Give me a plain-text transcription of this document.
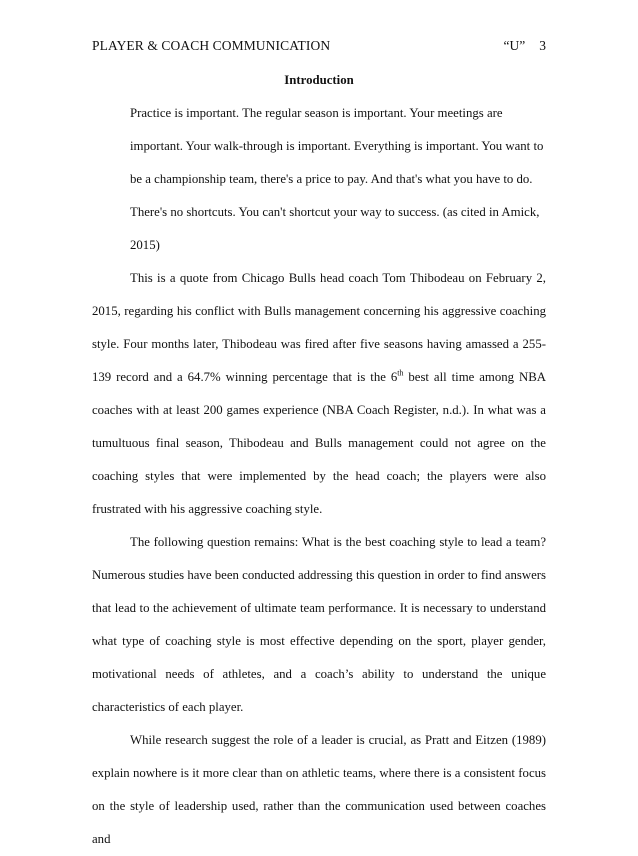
PLAYER & COACH COMMUNICATION	“U” 3

Introduction

Practice is important. The regular season is important. Your meetings are important. Your walk-through is important. Everything is important. You want to be a championship team, there's a price to pay. And that's what you have to do. There's no shortcuts. You can't shortcut your way to success. (as cited in Amick, 2015)

This is a quote from Chicago Bulls head coach Tom Thibodeau on February 2, 2015, regarding his conflict with Bulls management concerning his aggressive coaching style. Four months later, Thibodeau was fired after five seasons having amassed a 255-139 record and a 64.7% winning percentage that is the 6th best all time among NBA coaches with at least 200 games experience (NBA Coach Register, n.d.). In what was a tumultuous final season, Thibodeau and Bulls management could not agree on the coaching styles that were implemented by the head coach; the players were also frustrated with his aggressive coaching style.

The following question remains: What is the best coaching style to lead a team? Numerous studies have been conducted addressing this question in order to find answers that lead to the achievement of ultimate team performance. It is necessary to understand what type of coaching style is most effective depending on the sport, player gender, motivational needs of athletes, and a coach’s ability to understand the unique characteristics of each player.

While research suggest the role of a leader is crucial, as Pratt and Eitzen (1989) explain nowhere is it more clear than on athletic teams, where there is a consistent focus on the style of leadership used, rather than the communication used between coaches and
